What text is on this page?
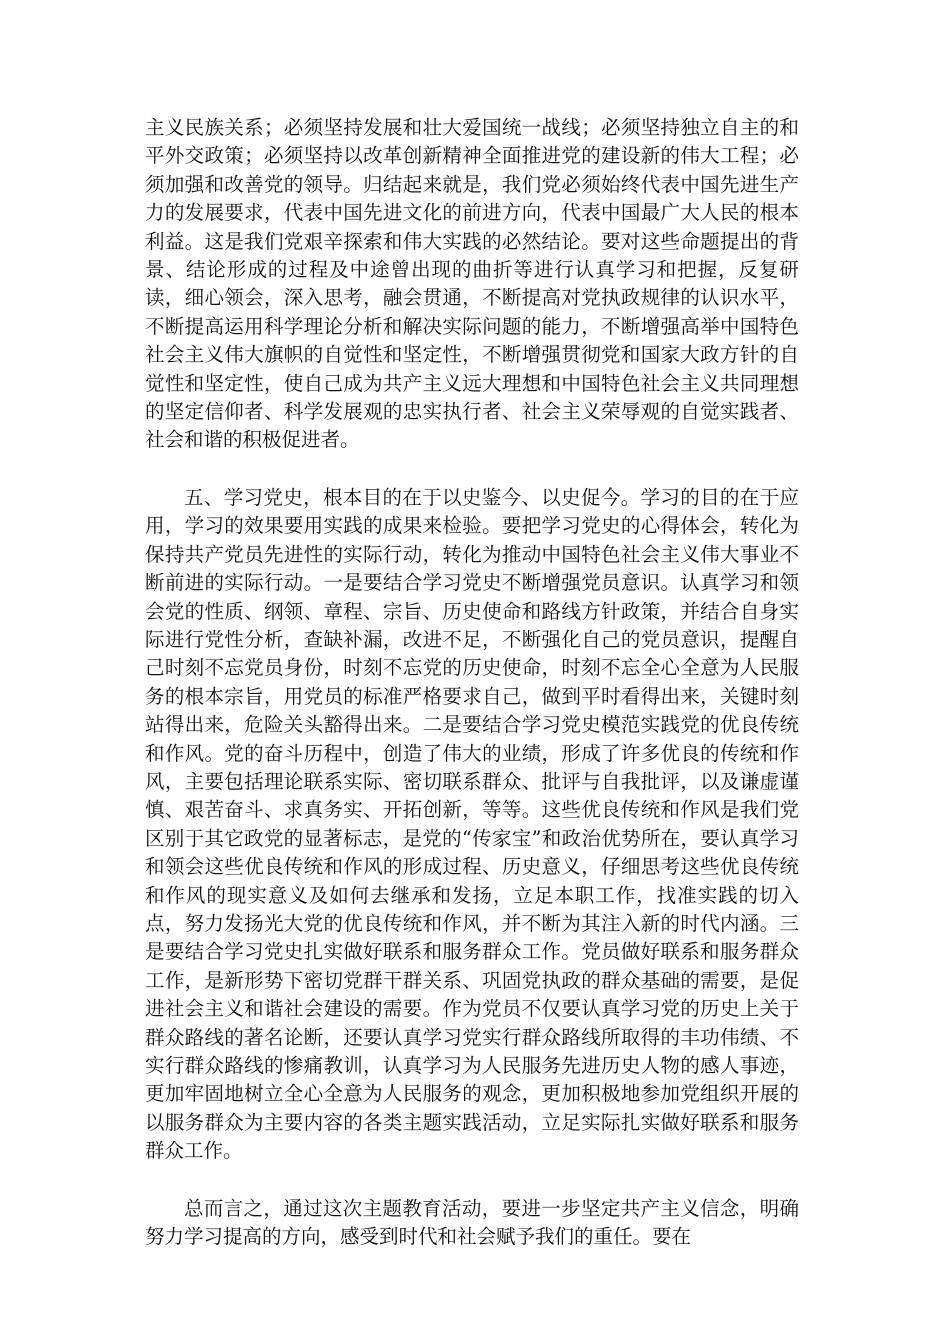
主义民族关系；必须坚持发展和壮大爱国统一战线；必须坚持独立自主的和平外交政策；必须坚持以改革创新精神全面推进党的建设新的伟大工程；必须加强和改善党的领导。归结起来就是，我们党必须始终代表中国先进生产力的发展要求，代表中国先进文化的前进方向，代表中国最广大人民的根本利益。这是我们党艰辛探索和伟大实践的必然结论。要对这些命题提出的背景、结论形成的过程及中途曾出现的曲折等进行认真学习和把握，反复研读，细心领会，深入思考，融会贯通，不断提高对党执政规律的认识水平，不断提高运用科学理论分析和解决实际问题的能力，不断增强高举中国特色社会主义伟大旗帜的自觉性和坚定性，不断增强贯彻党和国家大政方针的自觉性和坚定性，使自己成为共产主义远大理想和中国特色社会主义共同理想的坚定信仰者、科学发展观的忠实执行者、社会主义荣辱观的自觉实践者、社会和谐的积极促进者。

五、学习党史，根本目的在于以史鉴今、以史促今。学习的目的在于应用，学习的效果要用实践的成果来检验。要把学习党史的心得体会，转化为保持共产党员先进性的实际行动，转化为推动中国特色社会主义伟大事业不断前进的实际行动。一是要结合学习党史不断增强党员意识。认真学习和领会党的性质、纲领、章程、宗旨、历史使命和路线方针政策，并结合自身实际进行党性分析，查缺补漏，改进不足，不断强化自己的党员意识，提醒自己时刻不忘党员身份，时刻不忘党的历史使命，时刻不忘全心全意为人民服务的根本宗旨，用党员的标准严格要求自己，做到平时看得出来，关键时刻站得出来，危险关头豁得出来。二是要结合学习党史模范实践党的优良传统和作风。党的奋斗历程中，创造了伟大的业绩，形成了许多优良的传统和作风，主要包括理论联系实际、密切联系群众、批评与自我批评，以及谦虚谨慎、艰苦奋斗、求真务实、开拓创新，等等。这些优良传统和作风是我们党区别于其它政党的显著标志，是党的“传家宝”和政治优势所在，要认真学习和领会这些优良传统和作风的形成过程、历史意义，仔细思考这些优良传统和作风的现实意义及如何去继承和发扬，立足本职工作，找准实践的切入点，努力发扬光大党的优良传统和作风，并不断为其注入新的时代内涵。三是要结合学习党史扎实做好联系和服务群众工作。党员做好联系和服务群众工作，是新形势下密切党群干群关系、巩固党执政的群众基础的需要，是促进社会主义和谐社会建设的需要。作为党员不仅要认真学习党的历史上关于群众路线的著名论断，还要认真学习党实行群众路线所取得的丰功伟绩、不实行群众路线的惨痛教训，认真学习为人民服务先进历史人物的感人事迹，更加牢固地树立全心全意为人民服务的观念，更加积极地参加党组织开展的以服务群众为主要内容的各类主题实践活动，立足实际扎实做好联系和服务群众工作。

总而言之，通过这次主题教育活动，要进一步坚定共产主义信念，明确努力学习提高的方向，感受到时代和社会赋予我们的重任。要在
